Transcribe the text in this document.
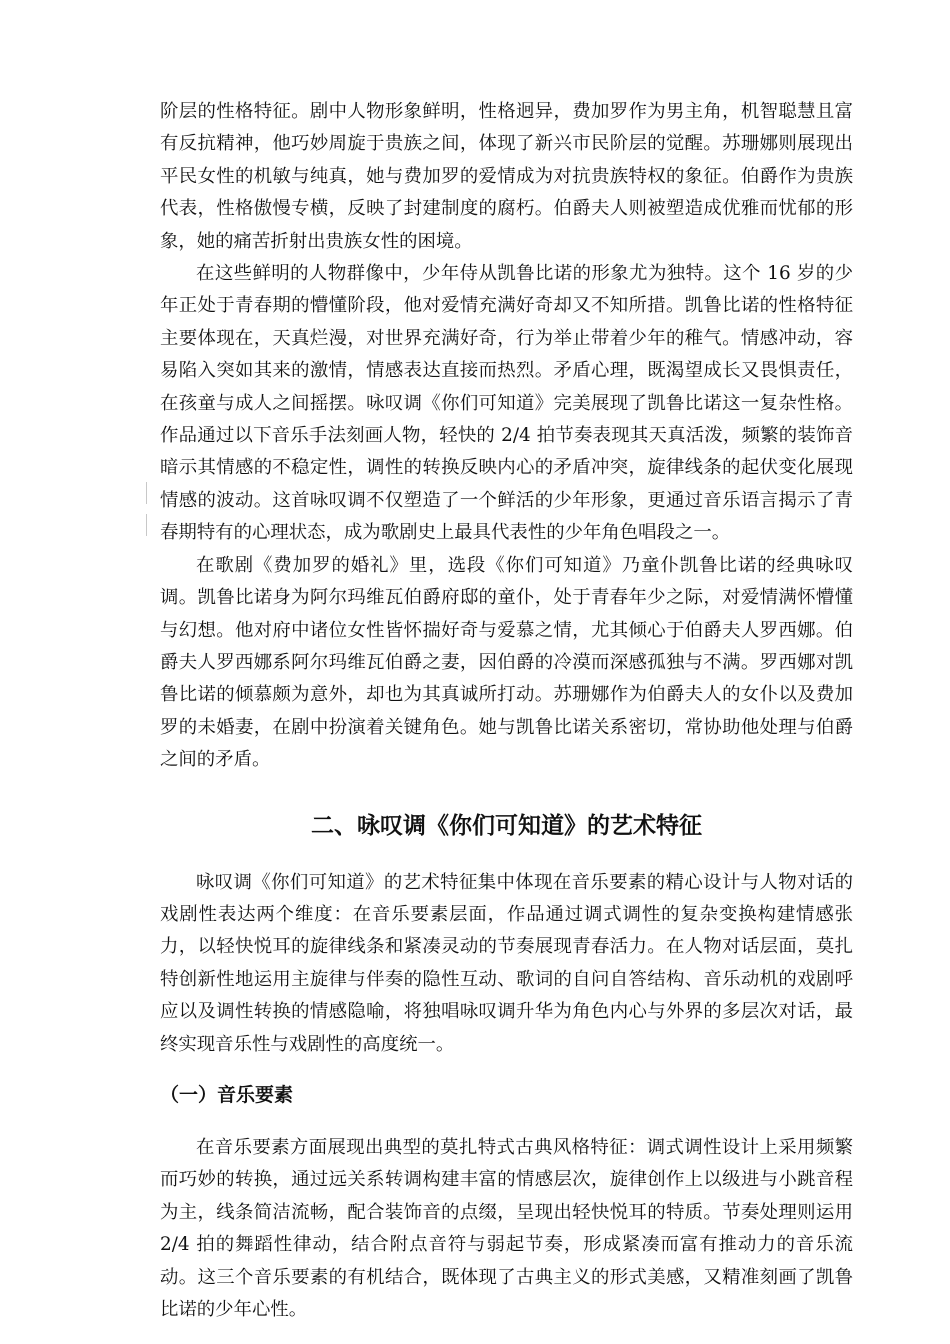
阶层的性格特征。剧中人物形象鲜明，性格迥异，费加罗作为男主角，机智聪慧且富有反抗精神，他巧妙周旋于贵族之间，体现了新兴市民阶层的觉醒。苏珊娜则展现出平民女性的机敏与纯真，她与费加罗的爱情成为对抗贵族特权的象征。伯爵作为贵族代表，性格傲慢专横，反映了封建制度的腐朽。伯爵夫人则被塑造成优雅而忧郁的形象，她的痛苦折射出贵族女性的困境。

在这些鲜明的人物群像中，少年侍从凯鲁比诺的形象尤为独特。这个 16 岁的少年正处于青春期的懵懂阶段，他对爱情充满好奇却又不知所措。凯鲁比诺的性格特征主要体现在，天真烂漫，对世界充满好奇，行为举止带着少年的稚气。情感冲动，容易陷入突如其来的激情，情感表达直接而热烈。矛盾心理，既渴望成长又畏惧责任，在孩童与成人之间摇摆。咏叹调《你们可知道》完美展现了凯鲁比诺这一复杂性格。作品通过以下音乐手法刻画人物，轻快的 2/4 拍节奏表现其天真活泼，频繁的装饰音暗示其情感的不稳定性，调性的转换反映内心的矛盾冲突，旋律线条的起伏变化展现情感的波动。这首咏叹调不仅塑造了一个鲜活的少年形象，更通过音乐语言揭示了青春期特有的心理状态，成为歌剧史上最具代表性的少年角色唱段之一。

在歌剧《费加罗的婚礼》里，选段《你们可知道》乃童仆凯鲁比诺的经典咏叹调。凯鲁比诺身为阿尔玛维瓦伯爵府邸的童仆，处于青春年少之际，对爱情满怀懵懂与幻想。他对府中诸位女性皆怀揣好奇与爱慕之情，尤其倾心于伯爵夫人罗西娜。伯爵夫人罗西娜系阿尔玛维瓦伯爵之妻，因伯爵的冷漠而深感孤独与不满。罗西娜对凯鲁比诺的倾慕颇为意外，却也为其真诚所打动。苏珊娜作为伯爵夫人的女仆以及费加罗的未婚妻，在剧中扮演着关键角色。她与凯鲁比诺关系密切，常协助他处理与伯爵之间的矛盾。

二、咏叹调《你们可知道》的艺术特征

咏叹调《你们可知道》的艺术特征集中体现在音乐要素的精心设计与人物对话的戏剧性表达两个维度：在音乐要素层面，作品通过调式调性的复杂变换构建情感张力，以轻快悦耳的旋律线条和紧凑灵动的节奏展现青春活力。在人物对话层面，莫扎特创新性地运用主旋律与伴奏的隐性互动、歌词的自问自答结构、音乐动机的戏剧呼应以及调性转换的情感隐喻，将独唱咏叹调升华为角色内心与外界的多层次对话，最终实现音乐性与戏剧性的高度统一。

（一）音乐要素

在音乐要素方面展现出典型的莫扎特式古典风格特征：调式调性设计上采用频繁而巧妙的转换，通过远关系转调构建丰富的情感层次，旋律创作上以级进与小跳音程为主，线条简洁流畅，配合装饰音的点缀，呈现出轻快悦耳的特质。节奏处理则运用 2/4 拍的舞蹈性律动，结合附点音符与弱起节奏，形成紧凑而富有推动力的音乐流动。这三个音乐要素的有机结合，既体现了古典主义的形式美感，又精准刻画了凯鲁比诺的少年心性。
